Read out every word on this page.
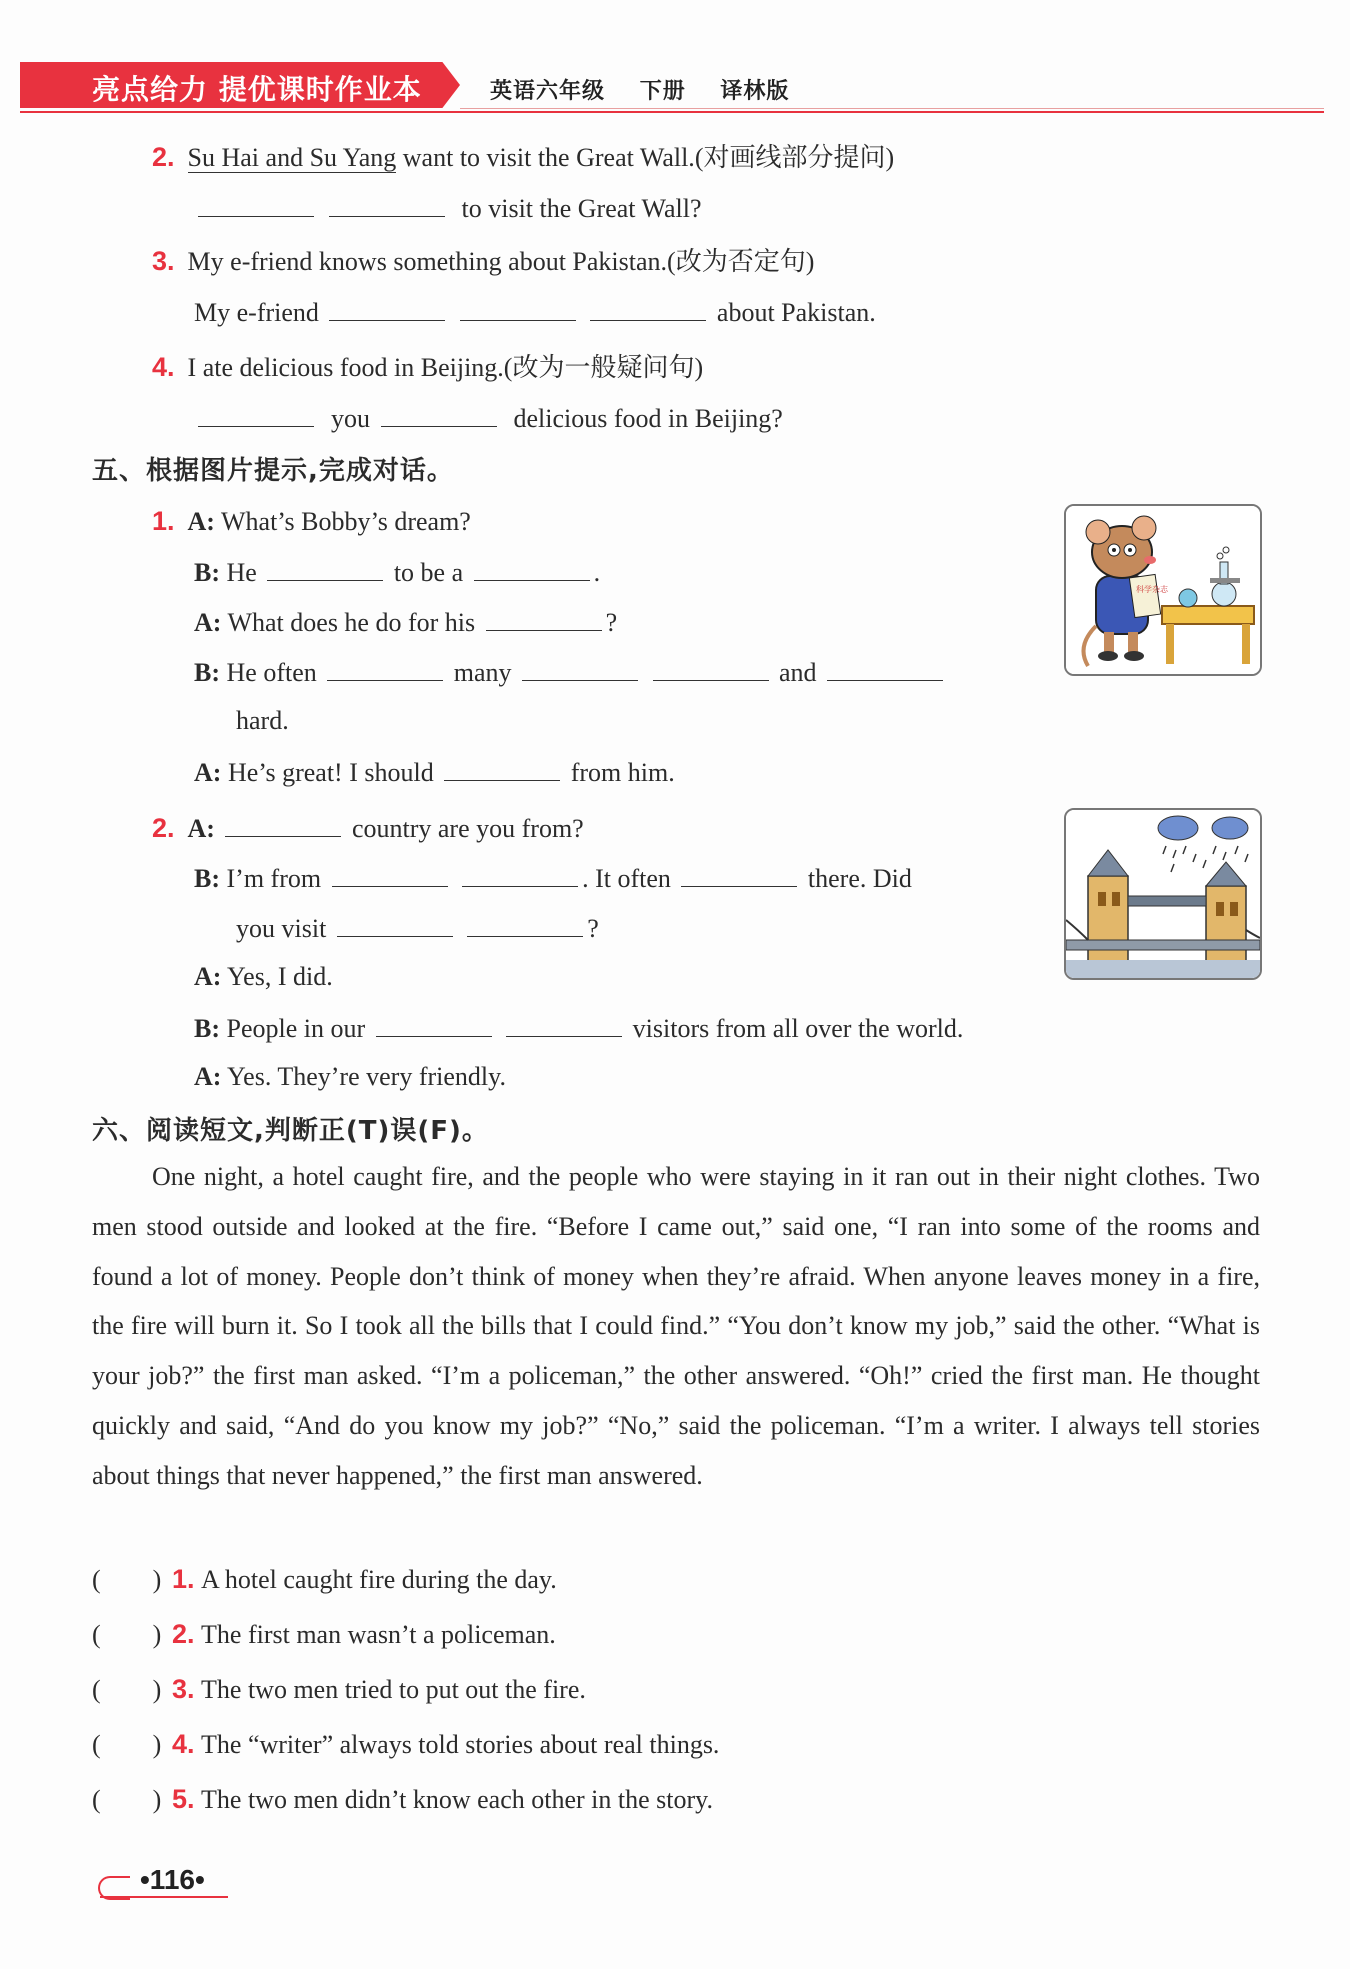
亮点给力 提优课时作业本	英语六年级 下册 译林版
2. Su Hai and Su Yang want to visit the Great Wall.(对画线部分提问)
to visit the Great Wall?
3. My e-friend knows something about Pakistan.(改为否定句)
My e-friend	about Pakistan.
4. I ate delicious food in Beijing.(改为一般疑问句)
you	delicious food in Beijing?
五、根据图片提示,完成对话。
1. A: What’s Bobby’s dream?
B: He	to be a	.
A: What does he do for his	?
B: He often	many	and
hard.
A: He’s great! I should	from him.
科学杂志
2. A:	country are you from?
B: I’m from	. It often	there. Did
you visit	?
A: Yes, I did.
B: People in our	visitors from all over the world.
A: Yes. They’re very friendly.
六、阅读短文,判断正(T)误(F)。
One night, a hotel caught fire, and the people who were staying in it ran out in their night clothes. Two men stood outside and looked at the fire. “Before I came out,” said one, “I ran into some of the rooms and found a lot of money. People don’t think of money when they’re afraid. When anyone leaves money in a fire, the fire will burn it. So I took all the bills that I could find.” “You don’t know my job,” said the other. “What is your job?” the first man asked. “I’m a policeman,” the other answered. “Oh!” cried the first man. He thought quickly and said, “And do you know my job?” “No,” said the policeman. “I’m a writer. I always tell stories about things that never happened,” the first man answered.
( ) 1. A hotel caught fire during the day.
( ) 2. The first man wasn’t a policeman.
( ) 3. The two men tried to put out the fire.
( ) 4. The “writer” always told stories about real things.
( ) 5. The two men didn’t know each other in the story.
•116•
